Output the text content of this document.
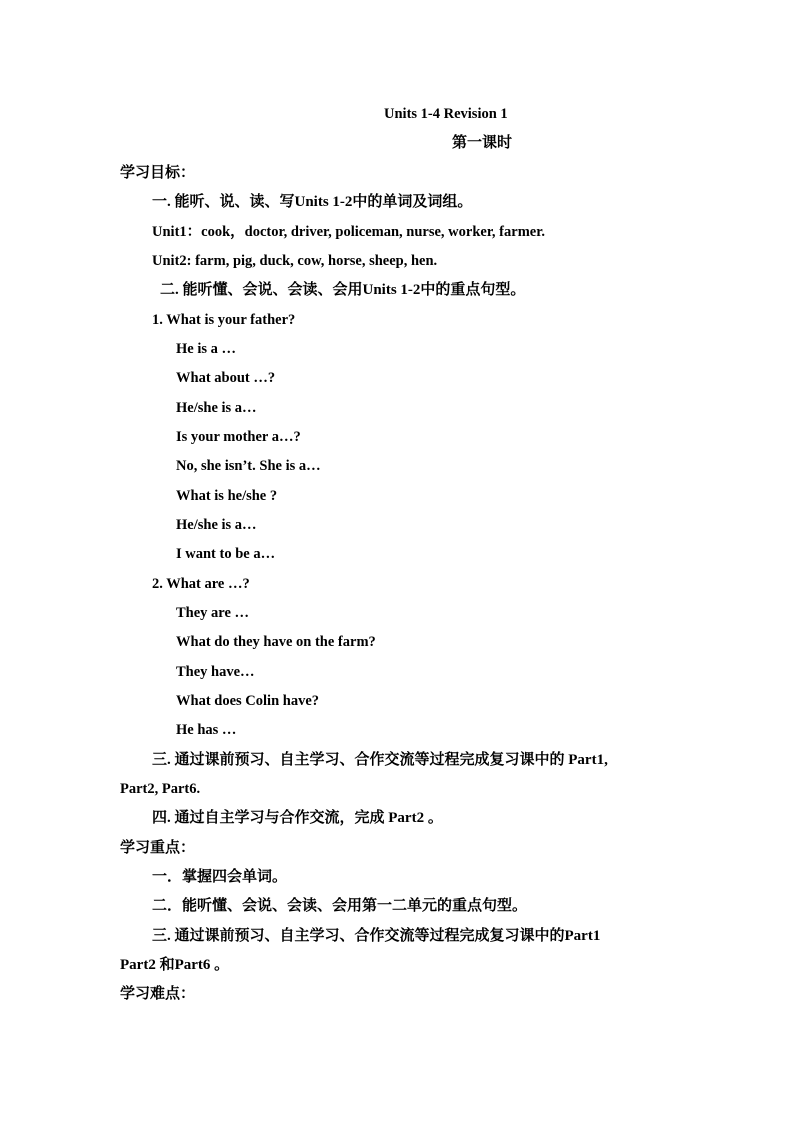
Units 1-4 Revision 1
第一课时
学习目标：
一. 能听、说、读、写Units 1-2中的单词及词组。
Unit1：cook，doctor, driver, policeman, nurse, worker, farmer.
Unit2: farm, pig, duck, cow, horse, sheep, hen.
二. 能听懂、会说、会读、会用Units 1-2中的重点句型。
1. What is your father?
He is a …
What about …?
He/she is a…
Is your mother a…?
No, she isn’t. She is a…
What is he/she ?
He/she is a…
I want to be a…
2. What are …?
They are …
What do they have on the farm?
They have…
What does Colin have?
He has …
三. 通过课前预习、自主学习、合作交流等过程完成复习课中的 Part1,
Part2, Part6.
四. 通过自主学习与合作交流，完成 Part2 。
学习重点：
一．掌握四会单词。
二．能听懂、会说、会读、会用第一二单元的重点句型。
三. 通过课前预习、自主学习、合作交流等过程完成复习课中的Part1
Part2 和Part6 。
学习难点：
